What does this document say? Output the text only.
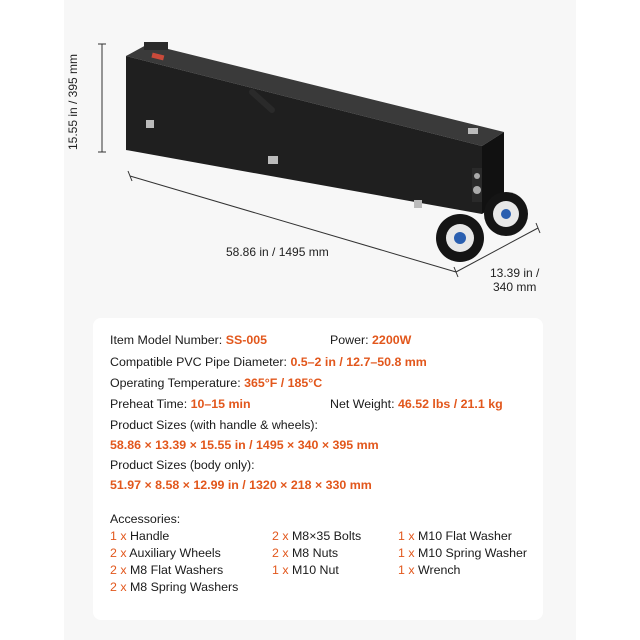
15.55 in / 395 mm
58.86 in / 1495 mm
13.39 in /
340 mm
Item Model Number: SS-005	Power: 2200W
Compatible PVC Pipe Diameter: 0.5–2 in / 12.7–50.8 mm
Operating Temperature: 365°F / 185°C
Preheat Time: 10–15 min	Net Weight: 46.52 lbs / 21.1 kg
Product Sizes (with handle & wheels):
58.86 × 13.39 × 15.55 in / 1495 × 340 × 395 mm
Product Sizes (body only):
51.97 × 8.58 × 12.99 in / 1320 × 218 × 330 mm
Accessories:
1 x Handle
2 x Auxiliary Wheels
2 x M8 Flat Washers
2 x M8 Spring Washers
2 x M8×35 Bolts
2 x M8 Nuts
1 x M10 Nut
1 x M10 Flat Washer
1 x M10 Spring Washer
1 x Wrench
